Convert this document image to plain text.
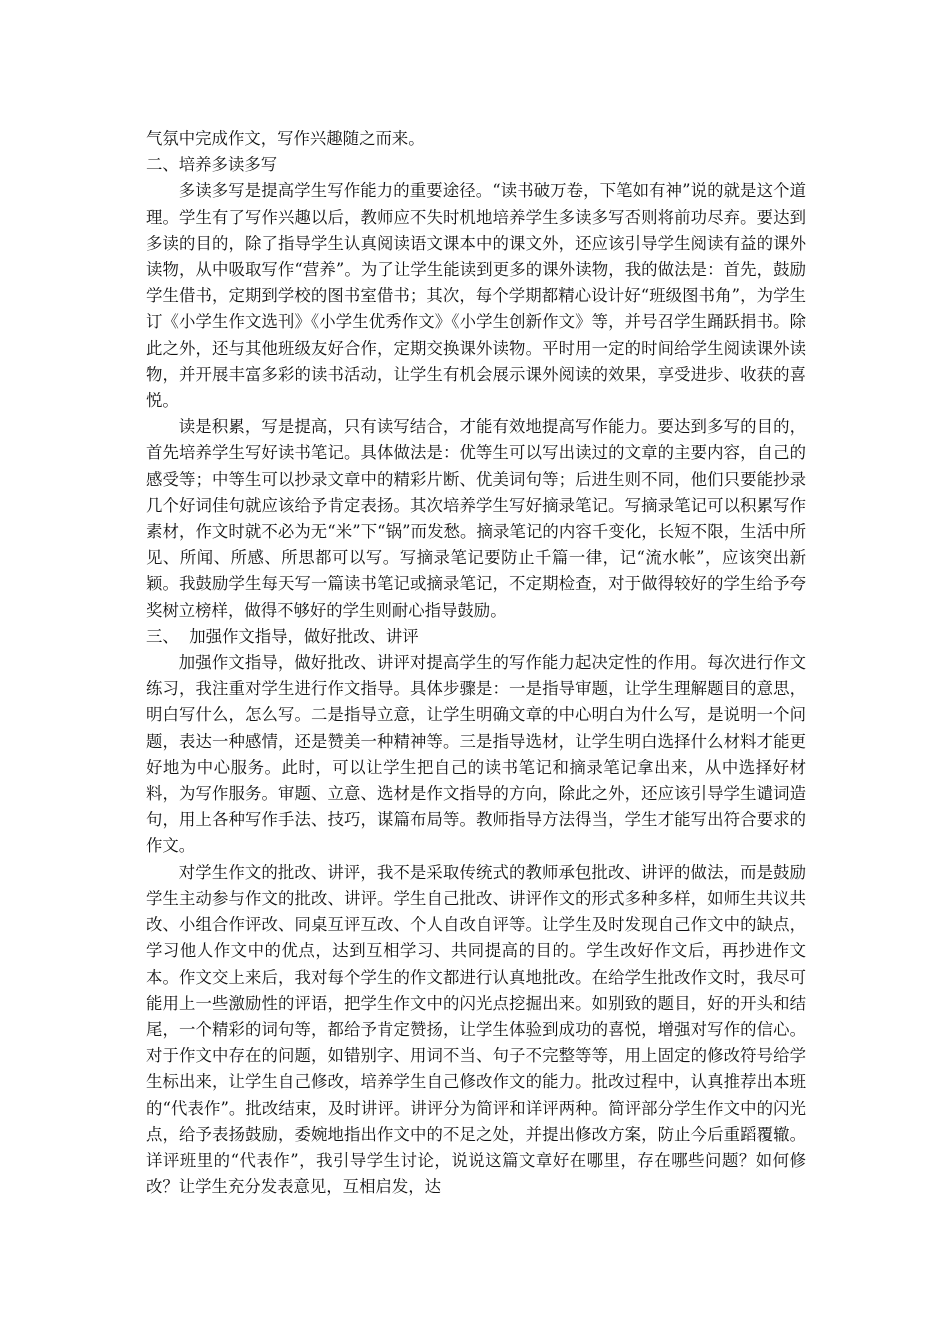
气氛中完成作文，写作兴趣随之而来。

二、培养多读多写

多读多写是提高学生写作能力的重要途径。“读书破万卷，下笔如有神”说的就是这个道理。学生有了写作兴趣以后，教师应不失时机地培养学生多读多写否则将前功尽弃。要达到多读的目的，除了指导学生认真阅读语文课本中的课文外，还应该引导学生阅读有益的课外读物，从中吸取写作“营养”。为了让学生能读到更多的课外读物，我的做法是：首先，鼓励学生借书，定期到学校的图书室借书；其次，每个学期都精心设计好“班级图书角”，为学生订《小学生作文选刊》《小学生优秀作文》《小学生创新作文》等，并号召学生踊跃捐书。除此之外，还与其他班级友好合作，定期交换课外读物。平时用一定的时间给学生阅读课外读物，并开展丰富多彩的读书活动，让学生有机会展示课外阅读的效果，享受进步、收获的喜悦。

读是积累，写是提高，只有读写结合，才能有效地提高写作能力。要达到多写的目的，首先培养学生写好读书笔记。具体做法是：优等生可以写出读过的文章的主要内容，自己的感受等；中等生可以抄录文章中的精彩片断、优美词句等；后进生则不同，他们只要能抄录几个好词佳句就应该给予肯定表扬。其次培养学生写好摘录笔记。写摘录笔记可以积累写作素材，作文时就不必为无“米”下“锅”而发愁。摘录笔记的内容千变化，长短不限，生活中所见、所闻、所感、所思都可以写。写摘录笔记要防止千篇一律，记“流水帐”，应该突出新颖。我鼓励学生每天写一篇读书笔记或摘录笔记，不定期检查，对于做得较好的学生给予夸奖树立榜样，做得不够好的学生则耐心指导鼓励。

三、  加强作文指导，做好批改、讲评

加强作文指导，做好批改、讲评对提高学生的写作能力起决定性的作用。每次进行作文练习，我注重对学生进行作文指导。具体步骤是：一是指导审题，让学生理解题目的意思，明白写什么，怎么写。二是指导立意，让学生明确文章的中心明白为什么写，是说明一个问题，表达一种感情，还是赞美一种精神等。三是指导选材，让学生明白选择什么材料才能更好地为中心服务。此时，可以让学生把自己的读书笔记和摘录笔记拿出来，从中选择好材料，为写作服务。审题、立意、选材是作文指导的方向，除此之外，还应该引导学生谴词造句，用上各种写作手法、技巧，谋篇布局等。教师指导方法得当，学生才能写出符合要求的作文。

对学生作文的批改、讲评，我不是采取传统式的教师承包批改、讲评的做法，而是鼓励学生主动参与作文的批改、讲评。学生自己批改、讲评作文的形式多种多样，如师生共议共改、小组合作评改、同桌互评互改、个人自改自评等。让学生及时发现自己作文中的缺点，学习他人作文中的优点，达到互相学习、共同提高的目的。学生改好作文后，再抄进作文本。作文交上来后，我对每个学生的作文都进行认真地批改。在给学生批改作文时，我尽可能用上一些激励性的评语，把学生作文中的闪光点挖掘出来。如别致的题目，好的开头和结尾，一个精彩的词句等，都给予肯定赞扬，让学生体验到成功的喜悦，增强对写作的信心。对于作文中存在的问题，如错别字、用词不当、句子不完整等等，用上固定的修改符号给学生标出来，让学生自己修改，培养学生自己修改作文的能力。批改过程中，认真推荐出本班的“代表作”。批改结束，及时讲评。讲评分为简评和详评两种。简评部分学生作文中的闪光点，给予表扬鼓励，委婉地指出作文中的不足之处，并提出修改方案，防止今后重蹈覆辙。详评班里的“代表作”，我引导学生讨论，说说这篇文章好在哪里，存在哪些问题？如何修改？让学生充分发表意见，互相启发，达
